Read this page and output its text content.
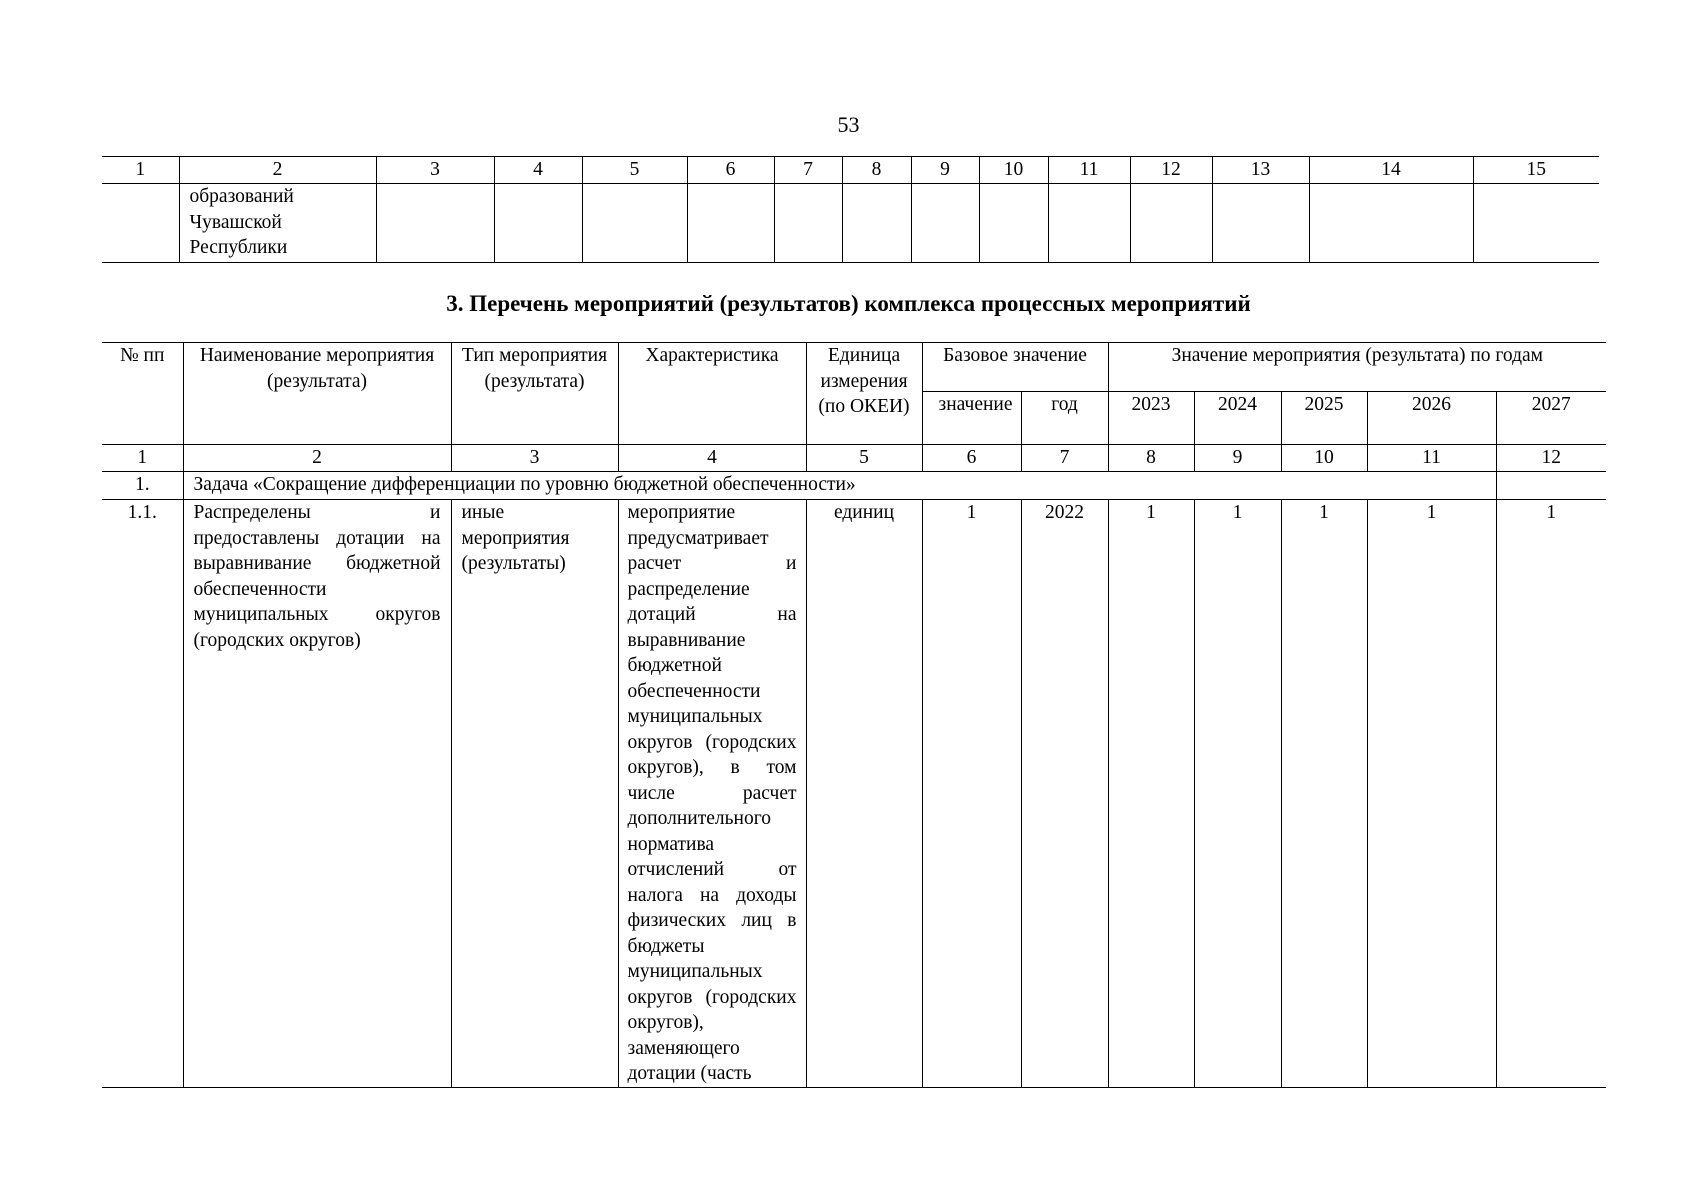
53
1	2	3	4	5	6	7	8	9	10	11	12	13	14	15
	образований Чувашской Республики													
3. Перечень мероприятий (результатов) комплекса процессных мероприятий
№ пп	Наименование мероприятия (результата)	Тип мероприятия (результата)	Характеристика	Единица измерения (по ОКЕИ)	Базовое значение		Значение мероприятия (результата) по годам				
					значение	год	2023	2024	2025	2026	2027
1	2	3	4	5	6	7	8	9	10	11	12
1.	Задача «Сокращение дифференциации по уровню бюджетной обеспеченности»										
1.1.	Распределены и предоставлены дотации на выравнивание бюджетной обеспеченности муниципальных округов (городских округов)	иные мероприятия (результаты)	мероприятие предусматривает расчет и распределение дотаций на выравнивание бюджетной обеспеченности муниципальных округов (городских округов), в том числе расчет дополнительного норматива отчислений от налога на доходы физических лиц в бюджеты муниципальных округов (городских округов), заменяющего дотации (часть	единиц	1	2022	1	1	1	1	1
